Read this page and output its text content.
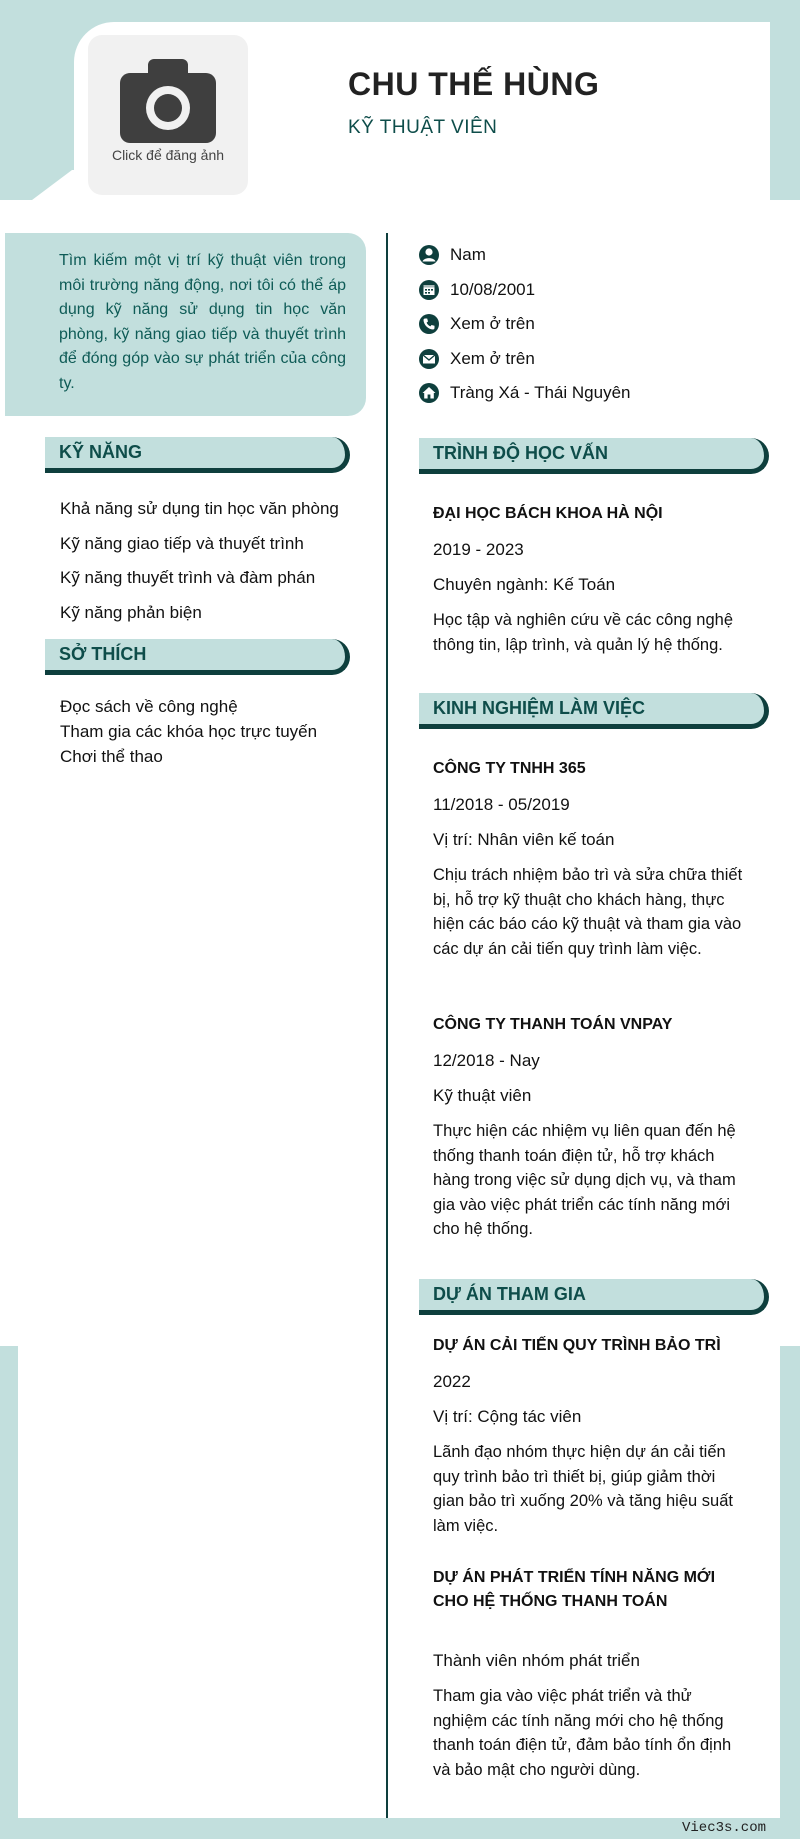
Viec3s.com
Click để đăng ảnh
CHU THẾ HÙNG
KỸ THUẬT VIÊN

Tìm kiếm một vị trí kỹ thuật viên trong môi trường năng động, nơi tôi có thể áp dụng kỹ năng sử dụng tin học văn phòng, kỹ năng giao tiếp và thuyết trình để đóng góp vào sự phát triển của công ty.

KỸ NĂNG
Khả năng sử dụng tin học văn phòng
Kỹ năng giao tiếp và thuyết trình
Kỹ năng thuyết trình và đàm phán
Kỹ năng phản biện
SỞ THÍCH
Đọc sách về công nghệ
Tham gia các khóa học trực tuyến
Chơi thể thao
Nam
10/08/2001
Xem ở trên
Xem ở trên
Tràng Xá - Thái Nguyên
TRÌNH ĐỘ HỌC VẤN
ĐẠI HỌC BÁCH KHOA HÀ NỘI
2019 - 2023
Chuyên ngành: Kế Toán
Học tập và nghiên cứu về các công nghệ thông tin, lập trình, và quản lý hệ thống.
KINH NGHIỆM LÀM VIỆC
CÔNG TY TNHH 365
11/2018 - 05/2019
Vị trí: Nhân viên kế toán
Chịu trách nhiệm bảo trì và sửa chữa thiết bị, hỗ trợ kỹ thuật cho khách hàng, thực hiện các báo cáo kỹ thuật và tham gia vào các dự án cải tiến quy trình làm việc.
CÔNG TY THANH TOÁN VNPAY
12/2018 - Nay
Kỹ thuật viên
Thực hiện các nhiệm vụ liên quan đến hệ thống thanh toán điện tử, hỗ trợ khách hàng trong việc sử dụng dịch vụ, và tham gia vào việc phát triển các tính năng mới cho hệ thống.
DỰ ÁN THAM GIA
DỰ ÁN CẢI TIẾN QUY TRÌNH BẢO TRÌ
2022
Vị trí: Cộng tác viên
Lãnh đạo nhóm thực hiện dự án cải tiến quy trình bảo trì thiết bị, giúp giảm thời gian bảo trì xuống 20% và tăng hiệu suất làm việc.
DỰ ÁN PHÁT TRIỂN TÍNH NĂNG MỚI CHO HỆ THỐNG THANH TOÁN
Thành viên nhóm phát triển
Tham gia vào việc phát triển và thử nghiệm các tính năng mới cho hệ thống thanh toán điện tử, đảm bảo tính ổn định và bảo mật cho người dùng.
